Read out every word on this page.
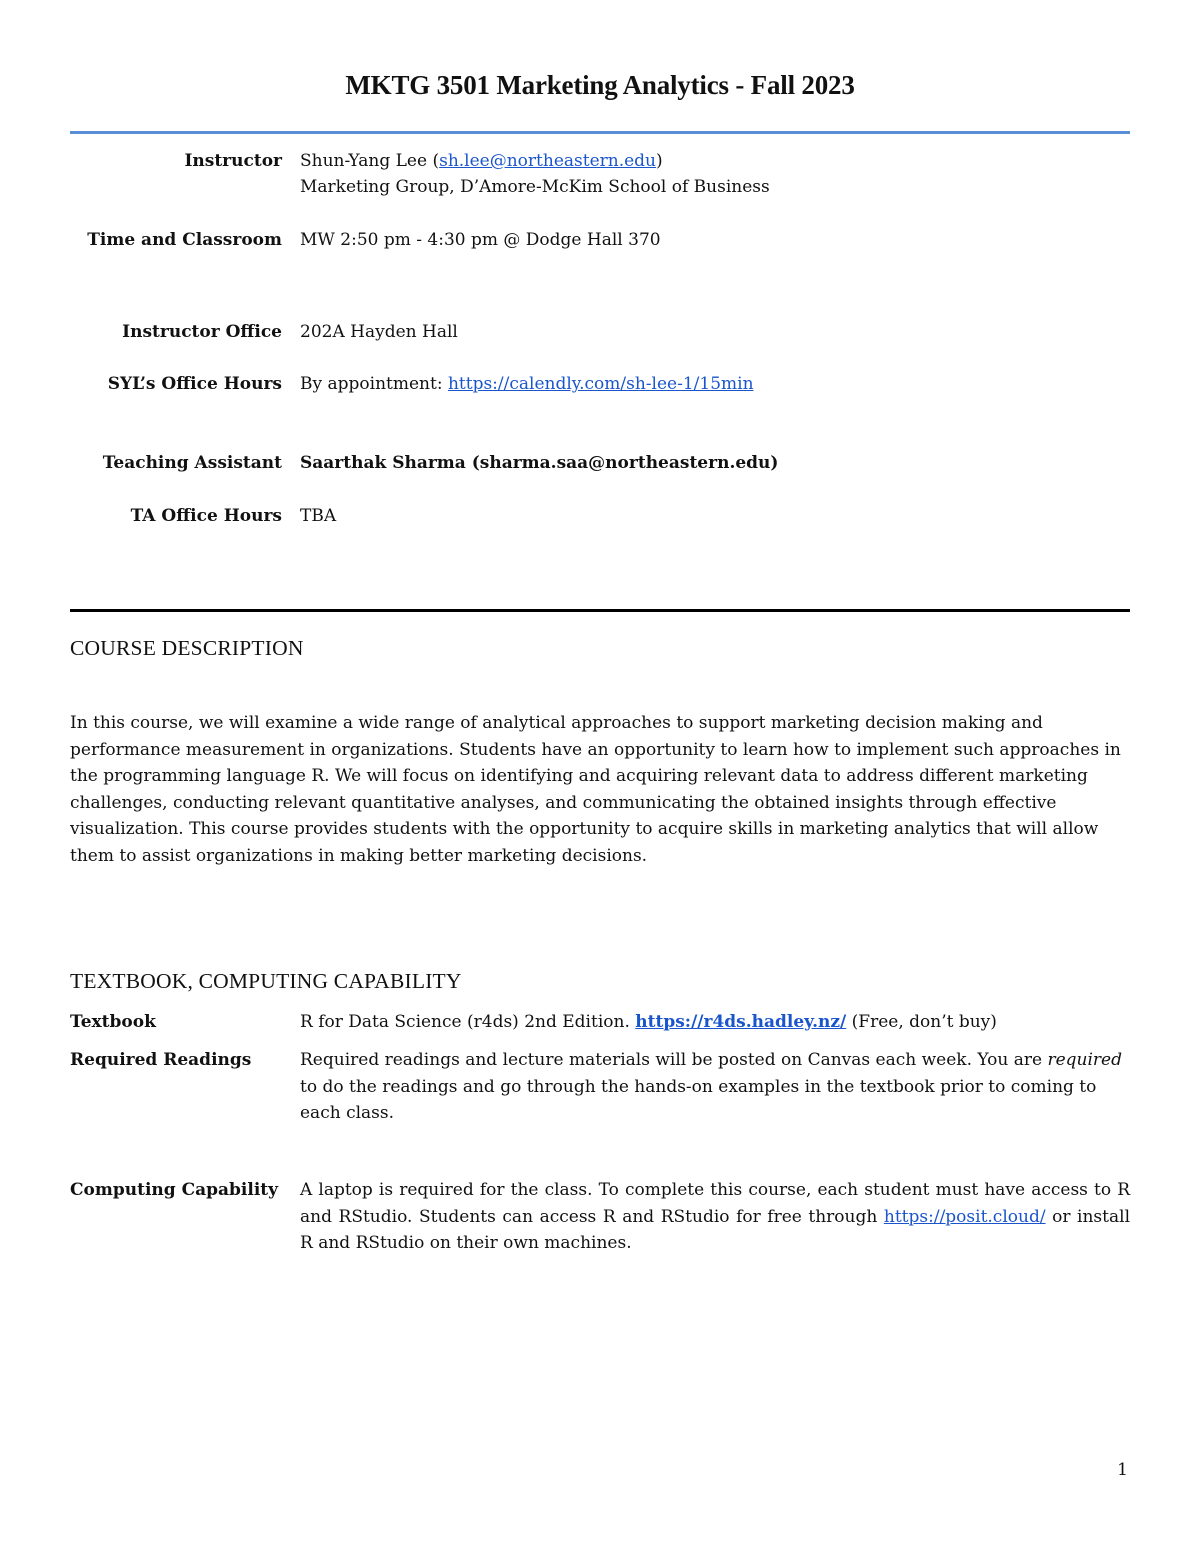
MKTG 3501 Marketing Analytics - Fall 2023
Instructor Shun-Yang Lee (sh.lee@northeastern.edu)
Marketing Group, D’Amore-McKim School of Business
Time and Classroom MW 2:50 pm - 4:30 pm @ Dodge Hall 370
Instructor Office 202A Hayden Hall
SYL’s Office Hours By appointment: https://calendly.com/sh-lee-1/15min
Teaching Assistant Saarthak Sharma (sharma.saa@northeastern.edu)
TA Office Hours TBA
COURSE DESCRIPTION
In this course, we will examine a wide range of analytical approaches to support marketing decision making and performance measurement in organizations. Students have an opportunity to learn how to implement such approaches in the programming language R. We will focus on identifying and acquiring relevant data to address different marketing challenges, conducting relevant quantitative analyses, and communicating the obtained insights through effective visualization. This course provides students with the opportunity to acquire skills in marketing analytics that will allow them to assist organizations in making better marketing decisions.
TEXTBOOK, COMPUTING CAPABILITY
Textbook	R for Data Science (r4ds) 2nd Edition. https://r4ds.hadley.nz/ (Free, don’t buy)
Required Readings	Required readings and lecture materials will be posted on Canvas each week. You are required to do the readings and go through the hands-on examples in the textbook prior to coming to each class.
Computing Capability A laptop is required for the class. To complete this course, each student must have access to R and RStudio. Students can access R and RStudio for free through https://posit.cloud/ or install R and RStudio on their own machines.
1
